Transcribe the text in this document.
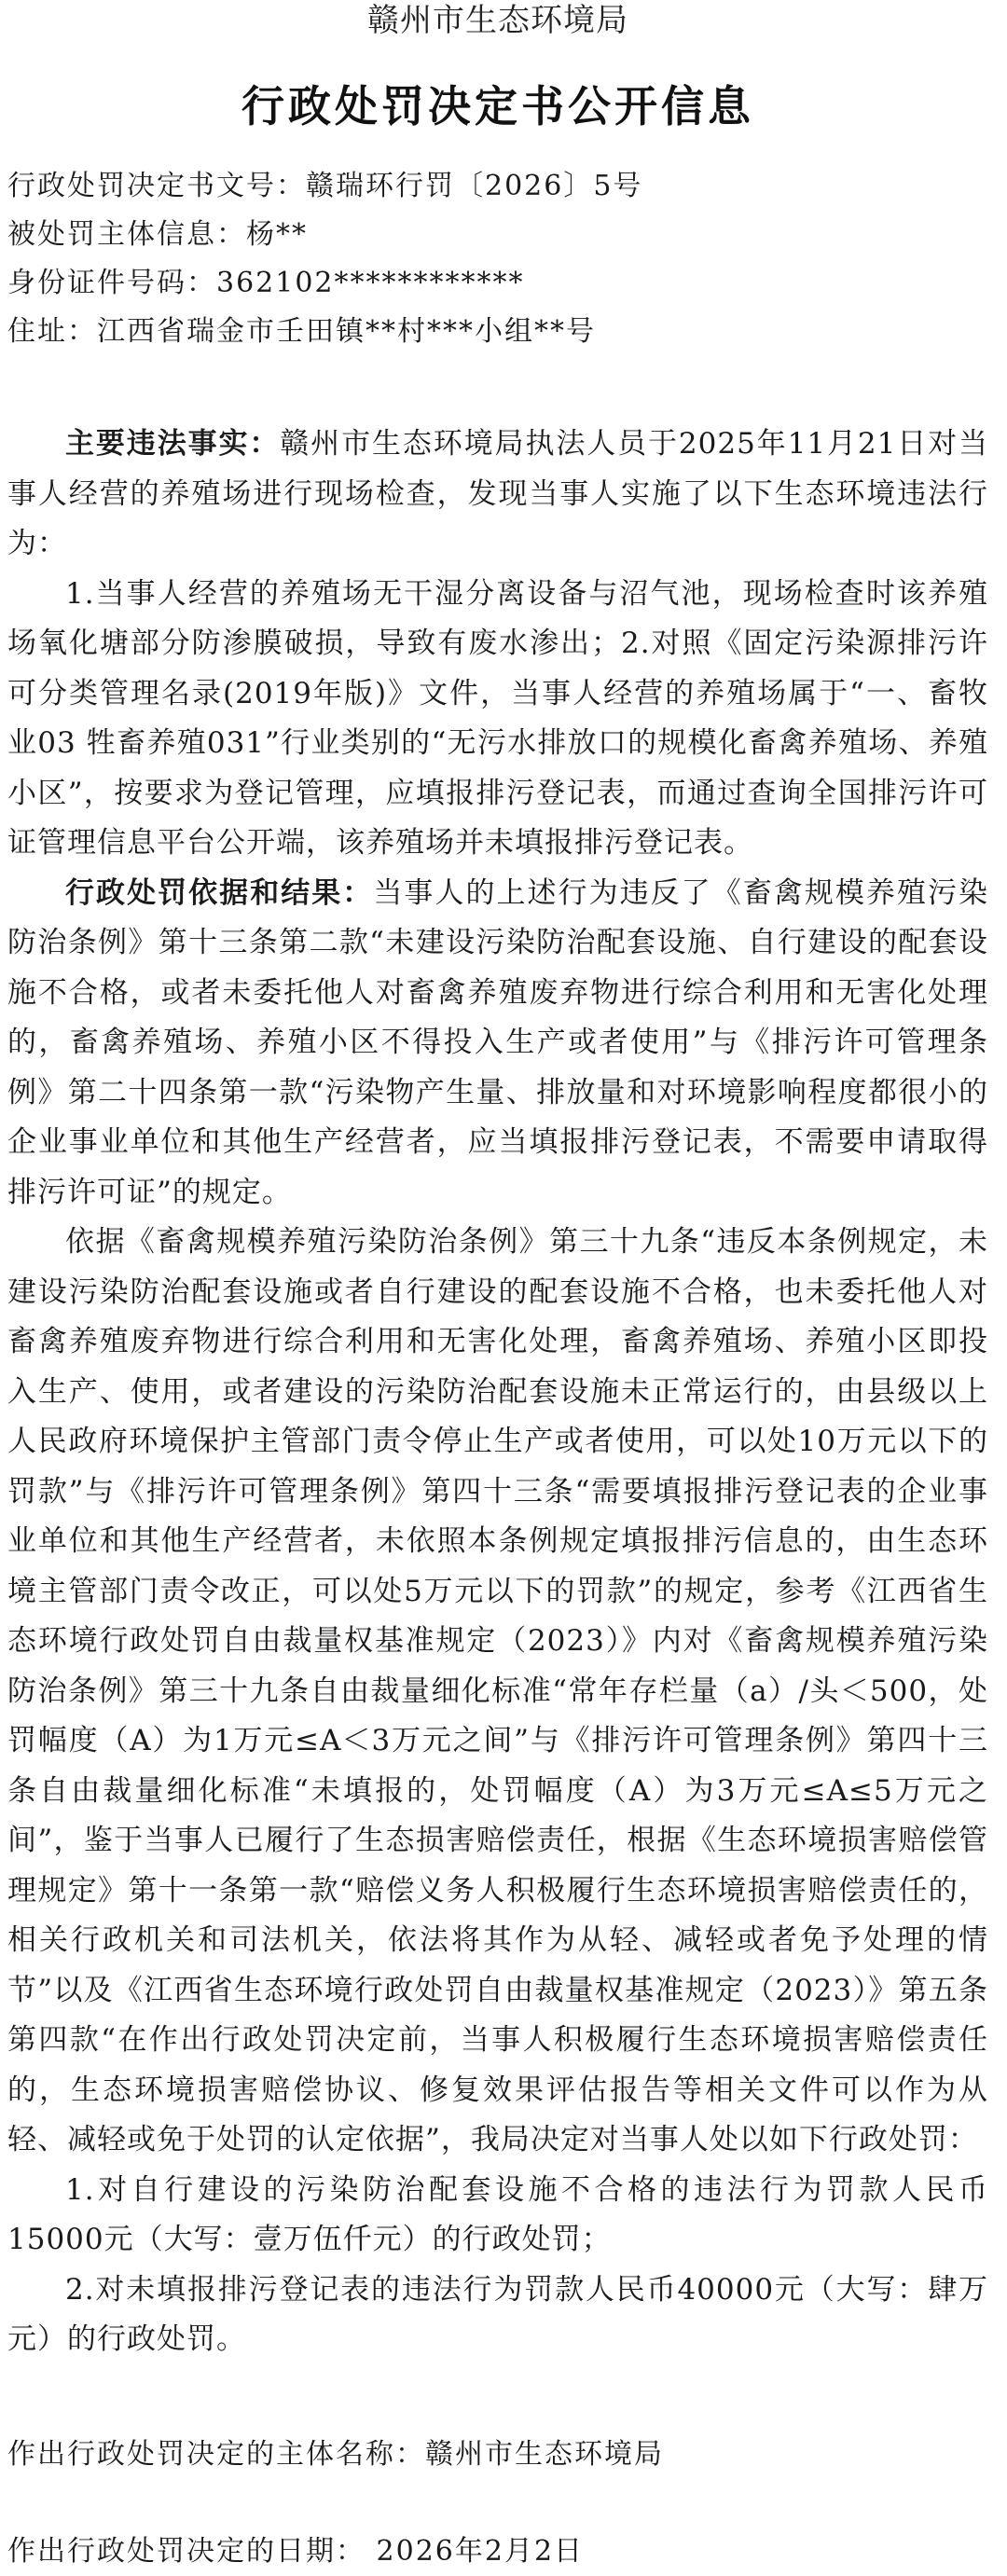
赣州市生态环境局
行政处罚决定书公开信息
行政处罚决定书文号：赣瑞环行罚〔2026〕5号
被处罚主体信息：杨**
身份证件号码：362102************
住址：江西省瑞金市壬田镇**村***小组**号

主要违法事实：赣州市生态环境局执法人员于2025年11月21日对当事人经营的养殖场进行现场检查，发现当事人实施了以下生态环境违法行为：

1.当事人经营的养殖场无干湿分离设备与沼气池，现场检查时该养殖场氧化塘部分防渗膜破损，导致有废水渗出；2.对照《固定污染源排污许可分类管理名录(2019年版)》文件，当事人经营的养殖场属于“一、畜牧业03 牲畜养殖031”行业类别的“无污水排放口的规模化畜禽养殖场、养殖小区”，按要求为登记管理，应填报排污登记表，而通过查询全国排污许可证管理信息平台公开端，该养殖场并未填报排污登记表。

行政处罚依据和结果：当事人的上述行为违反了《畜禽规模养殖污染防治条例》第十三条第二款“未建设污染防治配套设施、自行建设的配套设施不合格，或者未委托他人对畜禽养殖废弃物进行综合利用和无害化处理的，畜禽养殖场、养殖小区不得投入生产或者使用”与《排污许可管理条例》第二十四条第一款“污染物产生量、排放量和对环境影响程度都很小的企业事业单位和其他生产经营者，应当填报排污登记表，不需要申请取得排污许可证”的规定。

依据《畜禽规模养殖污染防治条例》第三十九条“违反本条例规定，未建设污染防治配套设施或者自行建设的配套设施不合格，也未委托他人对畜禽养殖废弃物进行综合利用和无害化处理，畜禽养殖场、养殖小区即投入生产、使用，或者建设的污染防治配套设施未正常运行的，由县级以上人民政府环境保护主管部门责令停止生产或者使用，可以处10万元以下的罚款”与《排污许可管理条例》第四十三条“需要填报排污登记表的企业事业单位和其他生产经营者，未依照本条例规定填报排污信息的，由生态环境主管部门责令改正，可以处5万元以下的罚款”的规定，参考《江西省生态环境行政处罚自由裁量权基准规定（2023）》内对《畜禽规模养殖污染防治条例》第三十九条自由裁量细化标准“常年存栏量（a）/头＜500，处罚幅度（A）为1万元≤A＜3万元之间”与《排污许可管理条例》第四十三条自由裁量细化标准“未填报的，处罚幅度（A）为3万元≤A≤5万元之间”，鉴于当事人已履行了生态损害赔偿责任，根据《生态环境损害赔偿管理规定》第十一条第一款“赔偿义务人积极履行生态环境损害赔偿责任的，相关行政机关和司法机关，依法将其作为从轻、减轻或者免予处理的情节”以及《江西省生态环境行政处罚自由裁量权基准规定（2023）》第五条第四款“在作出行政处罚决定前，当事人积极履行生态环境损害赔偿责任的，生态环境损害赔偿协议、修复效果评估报告等相关文件可以作为从轻、减轻或免于处罚的认定依据”，我局决定对当事人处以如下行政处罚：

1.对自行建设的污染防治配套设施不合格的违法行为罚款人民币15000元（大写：壹万伍仟元）的行政处罚；

2.对未填报排污登记表的违法行为罚款人民币40000元（大写：肆万元）的行政处罚。

作出行政处罚决定的主体名称：赣州市生态环境局
作出行政处罚决定的日期： 2026年2月2日
